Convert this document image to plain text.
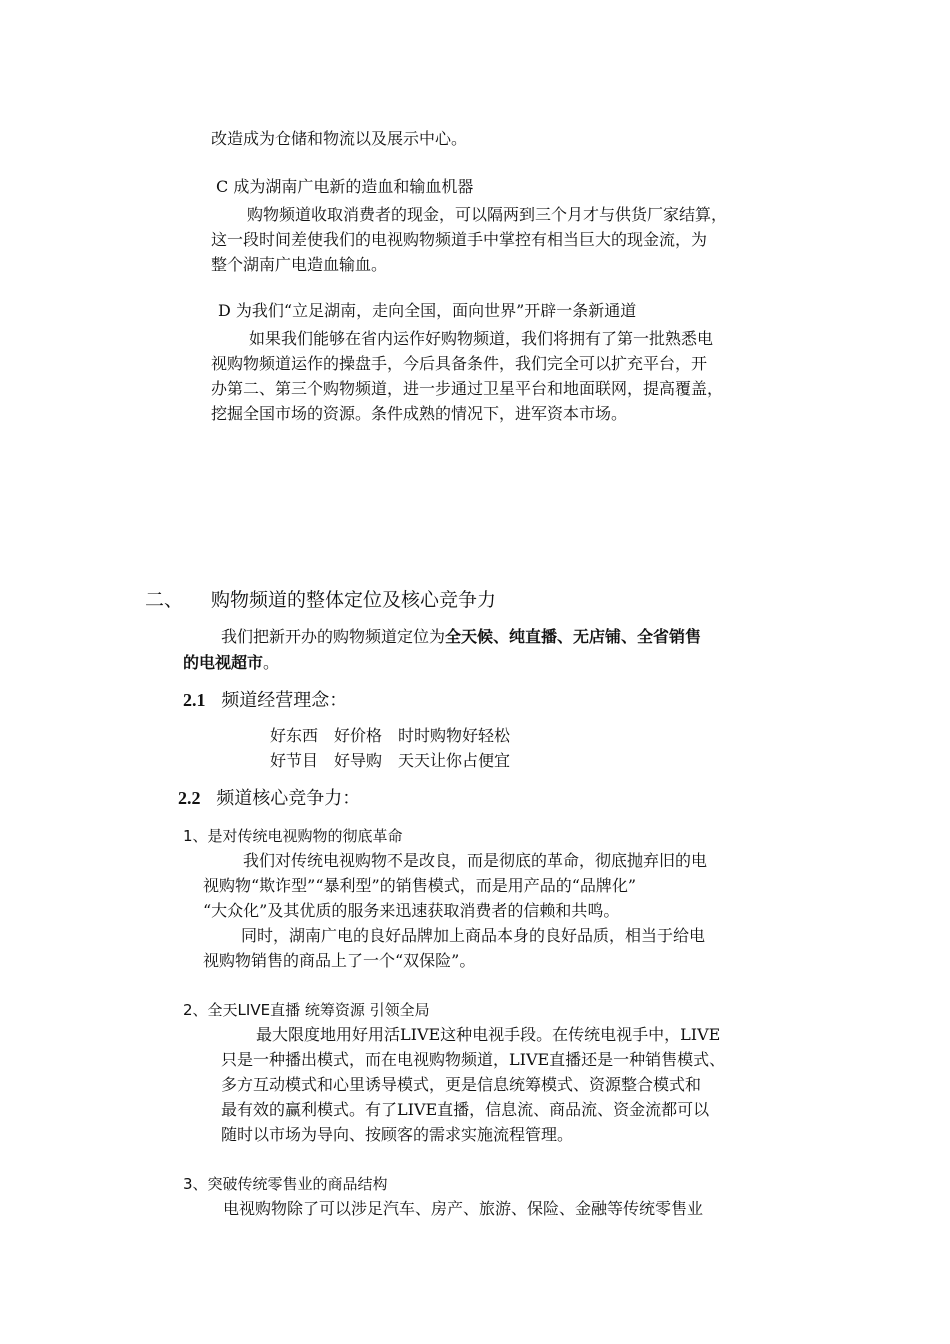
改造成为仓储和物流以及展示中心。
C 成为湖南广电新的造血和输血机器
购物频道收取消费者的现金，可以隔两到三个月才与供货厂家结算，
这一段时间差使我们的电视购物频道手中掌控有相当巨大的现金流，为
整个湖南广电造血输血。
D 为我们“立足湖南，走向全国，面向世界”开辟一条新通道
如果我们能够在省内运作好购物频道，我们将拥有了第一批熟悉电
视购物频道运作的操盘手，今后具备条件，我们完全可以扩充平台，开
办第二、第三个购物频道，进一步通过卫星平台和地面联网，提高覆盖，
挖掘全国市场的资源。条件成熟的情况下，进军资本市场。
二、 购物频道的整体定位及核心竞争力
我们把新开办的购物频道定位为全天候、纯直播、无店铺、全省销售
的电视超市。
2.1 频道经营理念：
好东西　好价格　时时购物好轻松
好节目　好导购　天天让你占便宜
2.2 频道核心竞争力：
1、是对传统电视购物的彻底革命
我们对传统电视购物不是改良，而是彻底的革命，彻底抛弃旧的电
视购物“欺诈型”“暴利型”的销售模式，而是用产品的“品牌化”
“大众化”及其优质的服务来迅速获取消费者的信赖和共鸣。
同时，湖南广电的良好品牌加上商品本身的良好品质，相当于给电
视购物销售的商品上了一个“双保险”。
2、全天LIVE直播 统筹资源 引领全局
最大限度地用好用活LIVE这种电视手段。在传统电视手中，LIVE
只是一种播出模式，而在电视购物频道，LIVE直播还是一种销售模式、
多方互动模式和心里诱导模式，更是信息统筹模式、资源整合模式和
最有效的赢利模式。有了LIVE直播，信息流、商品流、资金流都可以
随时以市场为导向、按顾客的需求实施流程管理。
3、突破传统零售业的商品结构
电视购物除了可以涉足汽车、房产、旅游、保险、金融等传统零售业
